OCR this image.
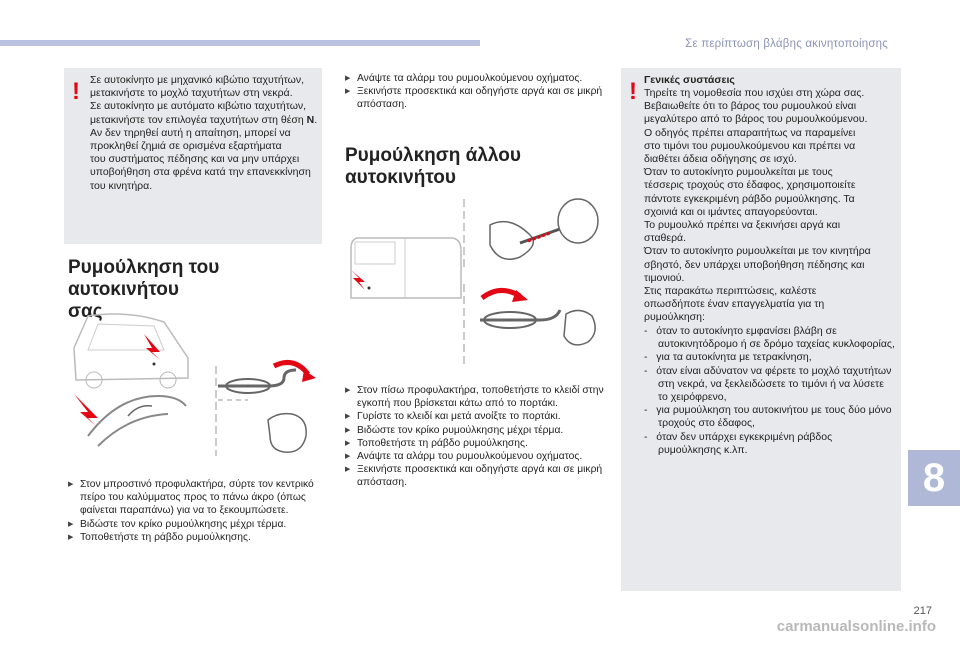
Σε περίπτωση βλάβης ακινητοποίησης
! Σε αυτοκίνητο με μηχανικό κιβώτιο ταχυτήτων,
μετακινήστε το μοχλό ταχυτήτων στη νεκρά.
Σε αυτοκίνητο με αυτόματο κιβώτιο ταχυτήτων,
μετακινήστε τον επιλογέα ταχυτήτων στη θέση N.
Αν δεν τηρηθεί αυτή η απαίτηση, μπορεί να
προκληθεί ζημιά σε ορισμένα εξαρτήματα
του συστήματος πέδησης και να μην υπάρχει
υποβοήθηση στα φρένα κατά την επανεκκίνηση
του κινητήρα.
Ρυμούλκηση του αυτοκινήτου
σας
▶ Στον μπροστινό προφυλακτήρα, σύρτε τον κεντρικό πείρο του καλύμματος προς το πάνω άκρο (όπως φαίνεται παραπάνω) για να το ξεκουμπώσετε.
▶ Βιδώστε τον κρίκο ρυμούλκησης μέχρι τέρμα.
▶ Τοποθετήστε τη ράβδο ρυμούλκησης.
▶ Ανάψτε τα αλάρμ του ρυμουλκούμενου οχήματος.
▶ Ξεκινήστε προσεκτικά και οδηγήστε αργά και σε μικρή απόσταση.
Ρυμούλκηση άλλου αυτοκινήτου
▶ Στον πίσω προφυλακτήρα, τοποθετήστε το κλειδί στην εγκοπή που βρίσκεται κάτω από το πορτάκι.
▶ Γυρίστε το κλειδί και μετά ανοίξτε το πορτάκι.
▶ Βιδώστε τον κρίκο ρυμούλκησης μέχρι τέρμα.
▶ Τοποθετήστε τη ράβδο ρυμούλκησης.
▶ Ανάψτε τα αλάρμ του ρυμουλκούμενου οχήματος.
▶ Ξεκινήστε προσεκτικά και οδηγήστε αργά και σε μικρή απόσταση.
! Γενικές συστάσεις
Τηρείτε τη νομοθεσία που ισχύει στη χώρα σας.
Βεβαιωθείτε ότι το βάρος του ρυμουλκού είναι
μεγαλύτερο από το βάρος του ρυμουλκούμενου.
Ο οδηγός πρέπει απαραιτήτως να παραμείνει
στο τιμόνι του ρυμουλκούμενου και πρέπει να
διαθέτει άδεια οδήγησης σε ισχύ.
Όταν το αυτοκίνητο ρυμουλκείται με τους
τέσσερις τροχούς στο έδαφος, χρησιμοποιείτε
πάντοτε εγκεκριμένη ράβδο ρυμούλκησης. Τα
σχοινιά και οι ιμάντες απαγορεύονται.
Το ρυμουλκό πρέπει να ξεκινήσει αργά και
σταθερά.
Όταν το αυτοκίνητο ρυμουλκείται με τον κινητήρα
σβηστό, δεν υπάρχει υποβοήθηση πέδησης και
τιμονιού.
Στις παρακάτω περιπτώσεις, καλέστε
οπωσδήποτε έναν επαγγελματία για τη
ρυμούλκηση:

-   όταν το αυτοκίνητο εμφανίσει βλάβη σε αυτοκινητόδρομο ή σε δρόμο ταχείας κυκλοφορίας,

-   για τα αυτοκίνητα με τετρακίνηση,

-   όταν είναι αδύνατον να φέρετε το μοχλό ταχυτήτων στη νεκρά, να ξεκλειδώσετε το τιμόνι ή να λύσετε το χειρόφρενο,

-   για ρυμούλκηση του αυτοκινήτου με τους δύο μόνο τροχούς στο έδαφος,

-   όταν δεν υπάρχει εγκεκριμένη ράβδος ρυμούλκησης κ.λπ.

8
217
carmanualsonline.info
